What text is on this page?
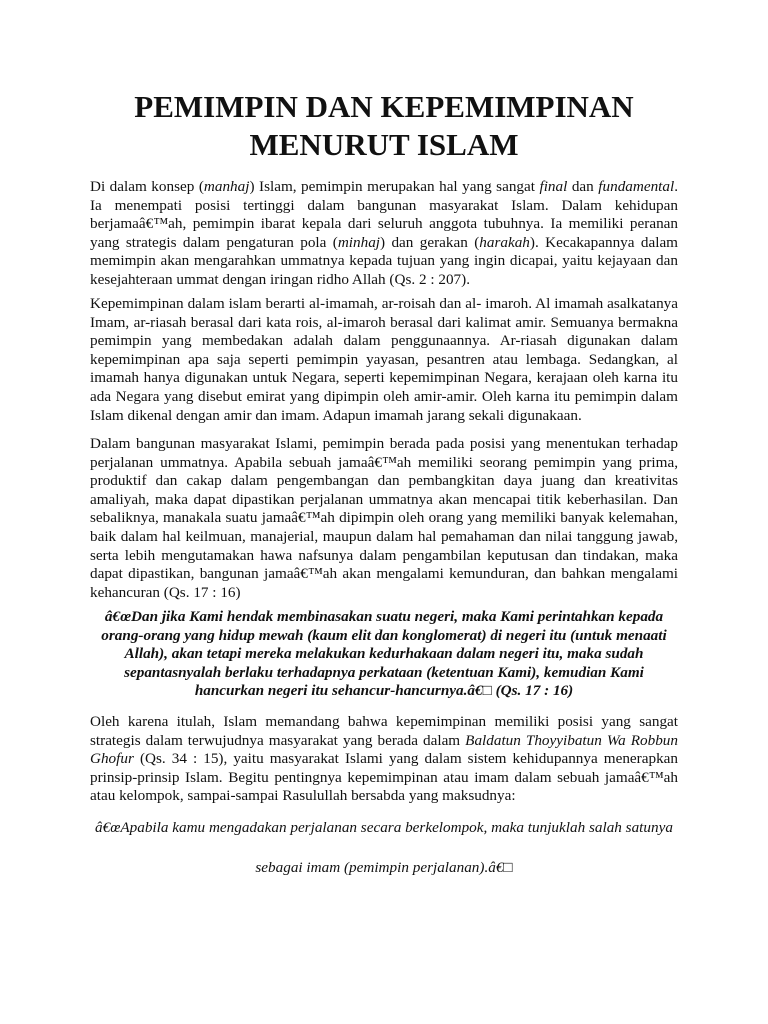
PEMIMPIN DAN KEPEMIMPINAN
MENURUT ISLAM

Di dalam konsep (manhaj) Islam, pemimpin merupakan hal yang sangat final dan fundamental. Ia menempati posisi tertinggi dalam bangunan masyarakat Islam. Dalam kehidupan berjamaâ€™ah, pemimpin ibarat kepala dari seluruh anggota tubuhnya. Ia memiliki peranan yang strategis dalam pengaturan pola (minhaj) dan gerakan (harakah). Kecakapannya dalam memimpin akan mengarahkan ummatnya kepada tujuan yang ingin dicapai, yaitu kejayaan dan kesejahteraan ummat dengan iringan ridho Allah (Qs. 2 : 207).

Kepemimpinan dalam islam berarti al-imamah, ar-roisah dan al- imaroh. Al imamah asalkatanya Imam, ar-riasah berasal dari kata rois, al-imaroh berasal dari kalimat amir. Semuanya bermakna pemimpin yang membedakan adalah dalam penggunaannya. Ar-riasah digunakan dalam kepemimpinan apa saja seperti pemimpin yayasan, pesantren atau lembaga. Sedangkan, al imamah hanya digunakan untuk Negara, seperti kepemimpinan Negara, kerajaan oleh karna itu ada Negara yang disebut emirat yang dipimpin oleh amir-amir. Oleh karna itu pemimpin dalam Islam dikenal dengan amir dan imam. Adapun imamah jarang sekali digunakaan.

Dalam bangunan masyarakat Islami, pemimpin berada pada posisi yang menentukan terhadap perjalanan ummatnya. Apabila sebuah jamaâ€™ah memiliki seorang pemimpin yang prima, produktif dan cakap dalam pengembangan dan pembangkitan daya juang dan kreativitas amaliyah, maka dapat dipastikan perjalanan ummatnya akan mencapai titik keberhasilan. Dan sebaliknya, manakala suatu jamaâ€™ah dipimpin oleh orang yang memiliki banyak kelemahan, baik dalam hal keilmuan, manajerial, maupun dalam hal pemahaman dan nilai tanggung jawab, serta lebih mengutamakan hawa nafsunya dalam pengambilan keputusan dan tindakan, maka dapat dipastikan, bangunan jamaâ€™ah akan mengalami kemunduran, dan bahkan mengalami kehancuran (Qs. 17 : 16)

â€œDan jika Kami hendak membinasakan suatu negeri, maka Kami perintahkan kepada
orang-orang yang hidup mewah (kaum elit dan konglomerat) di negeri itu (untuk menaati
Allah), akan tetapi mereka melakukan kedurhakaan dalam negeri itu, maka sudah
sepantasnyalah berlaku terhadapnya perkataan (ketentuan Kami), kemudian Kami
hancurkan negeri itu sehancur-hancurnya.â€□ (Qs. 17 : 16)

Oleh karena itulah, Islam memandang bahwa kepemimpinan memiliki posisi yang sangat strategis dalam terwujudnya masyarakat yang berada dalam Baldatun Thoyyibatun Wa Robbun Ghofur (Qs. 34 : 15), yaitu masyarakat Islami yang dalam sistem kehidupannya menerapkan prinsip-prinsip Islam. Begitu pentingnya kepemimpinan atau imam dalam sebuah jamaâ€™ah atau kelompok, sampai-sampai Rasulullah bersabda yang maksudnya:

â€œApabila kamu mengadakan perjalanan secara berkelompok, maka tunjuklah salah satunya
sebagai imam (pemimpin perjalanan).â€□
